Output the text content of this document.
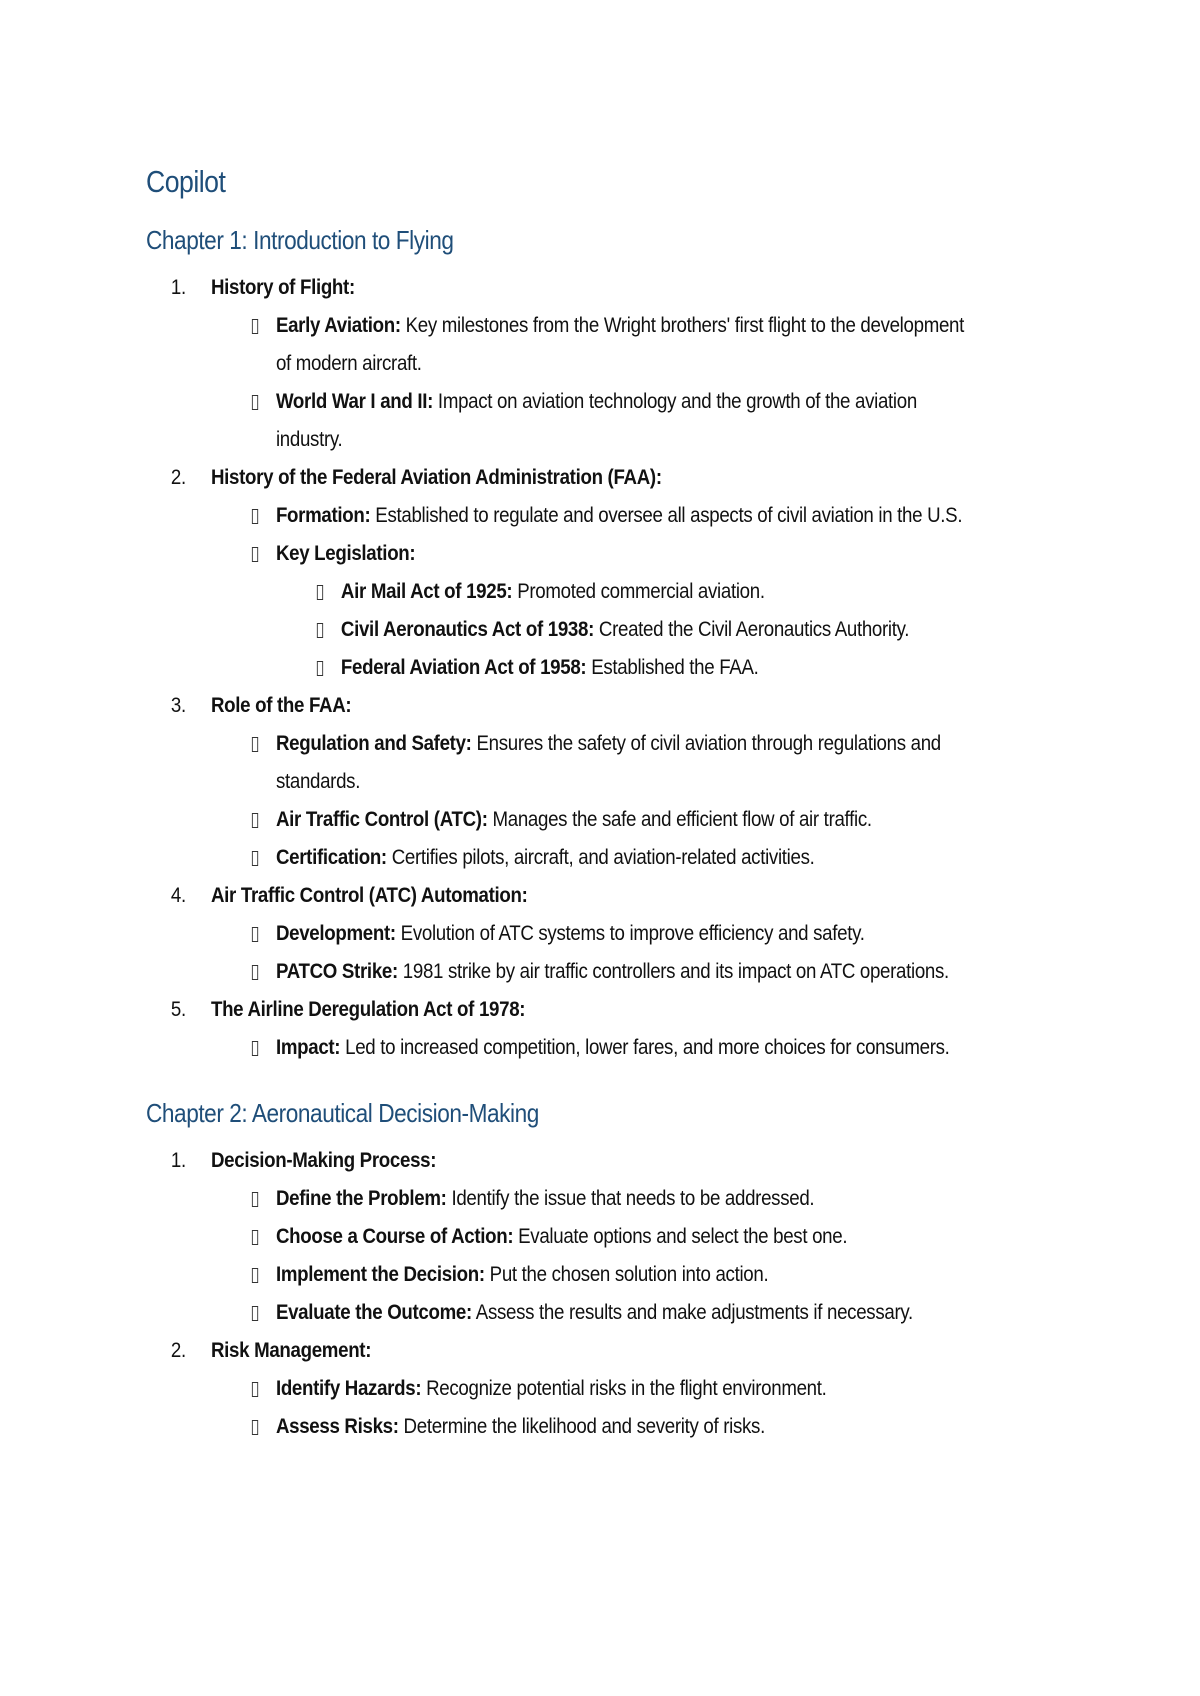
Copilot
Chapter 1: Introduction to Flying
1.	History of Flight:
Early Aviation: Key milestones from the Wright brothers' first flight to the development of modern aircraft.
World War I and II: Impact on aviation technology and the growth of the aviation industry.
2.	History of the Federal Aviation Administration (FAA):
Formation: Established to regulate and oversee all aspects of civil aviation in the U.S.
Key Legislation:
Air Mail Act of 1925: Promoted commercial aviation.
Civil Aeronautics Act of 1938: Created the Civil Aeronautics Authority.
Federal Aviation Act of 1958: Established the FAA.
3.	Role of the FAA:
Regulation and Safety: Ensures the safety of civil aviation through regulations and standards.
Air Traffic Control (ATC): Manages the safe and efficient flow of air traffic.
Certification: Certifies pilots, aircraft, and aviation-related activities.
4.	Air Traffic Control (ATC) Automation:
Development: Evolution of ATC systems to improve efficiency and safety.
PATCO Strike: 1981 strike by air traffic controllers and its impact on ATC operations.
5.	The Airline Deregulation Act of 1978:
Impact: Led to increased competition, lower fares, and more choices for consumers.
Chapter 2: Aeronautical Decision-Making
1.	Decision-Making Process:
Define the Problem: Identify the issue that needs to be addressed.
Choose a Course of Action: Evaluate options and select the best one.
Implement the Decision: Put the chosen solution into action.
Evaluate the Outcome: Assess the results and make adjustments if necessary.
2.	Risk Management:
Identify Hazards: Recognize potential risks in the flight environment.
Assess Risks: Determine the likelihood and severity of risks.
